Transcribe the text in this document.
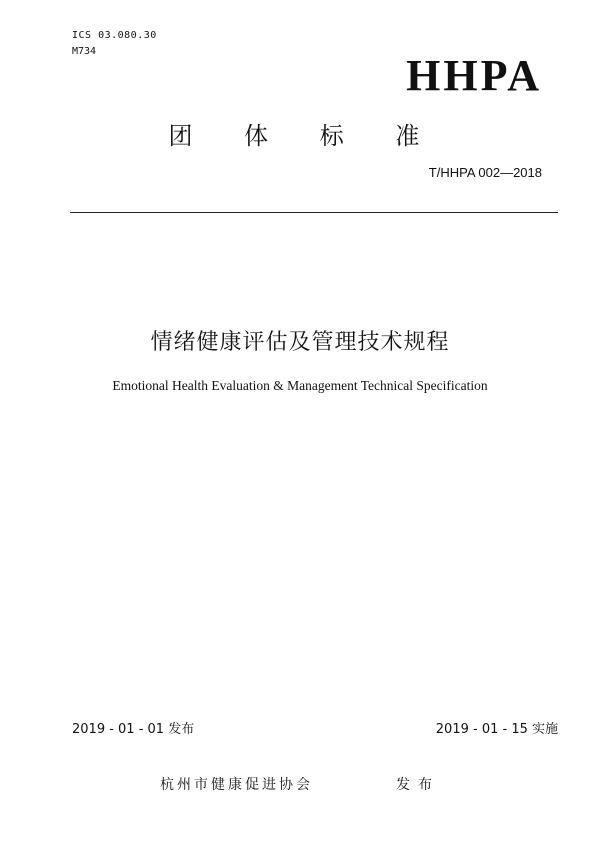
ICS 03.080.30
M734	HHPA
团 体 标 准
T/HHPA 002—2018
情绪健康评估及管理技术规程
Emotional Health Evaluation & Management Technical Specification
2019 - 01 - 01 发布	2019 - 01 - 15 实施
杭州市健康促进协会	发布
